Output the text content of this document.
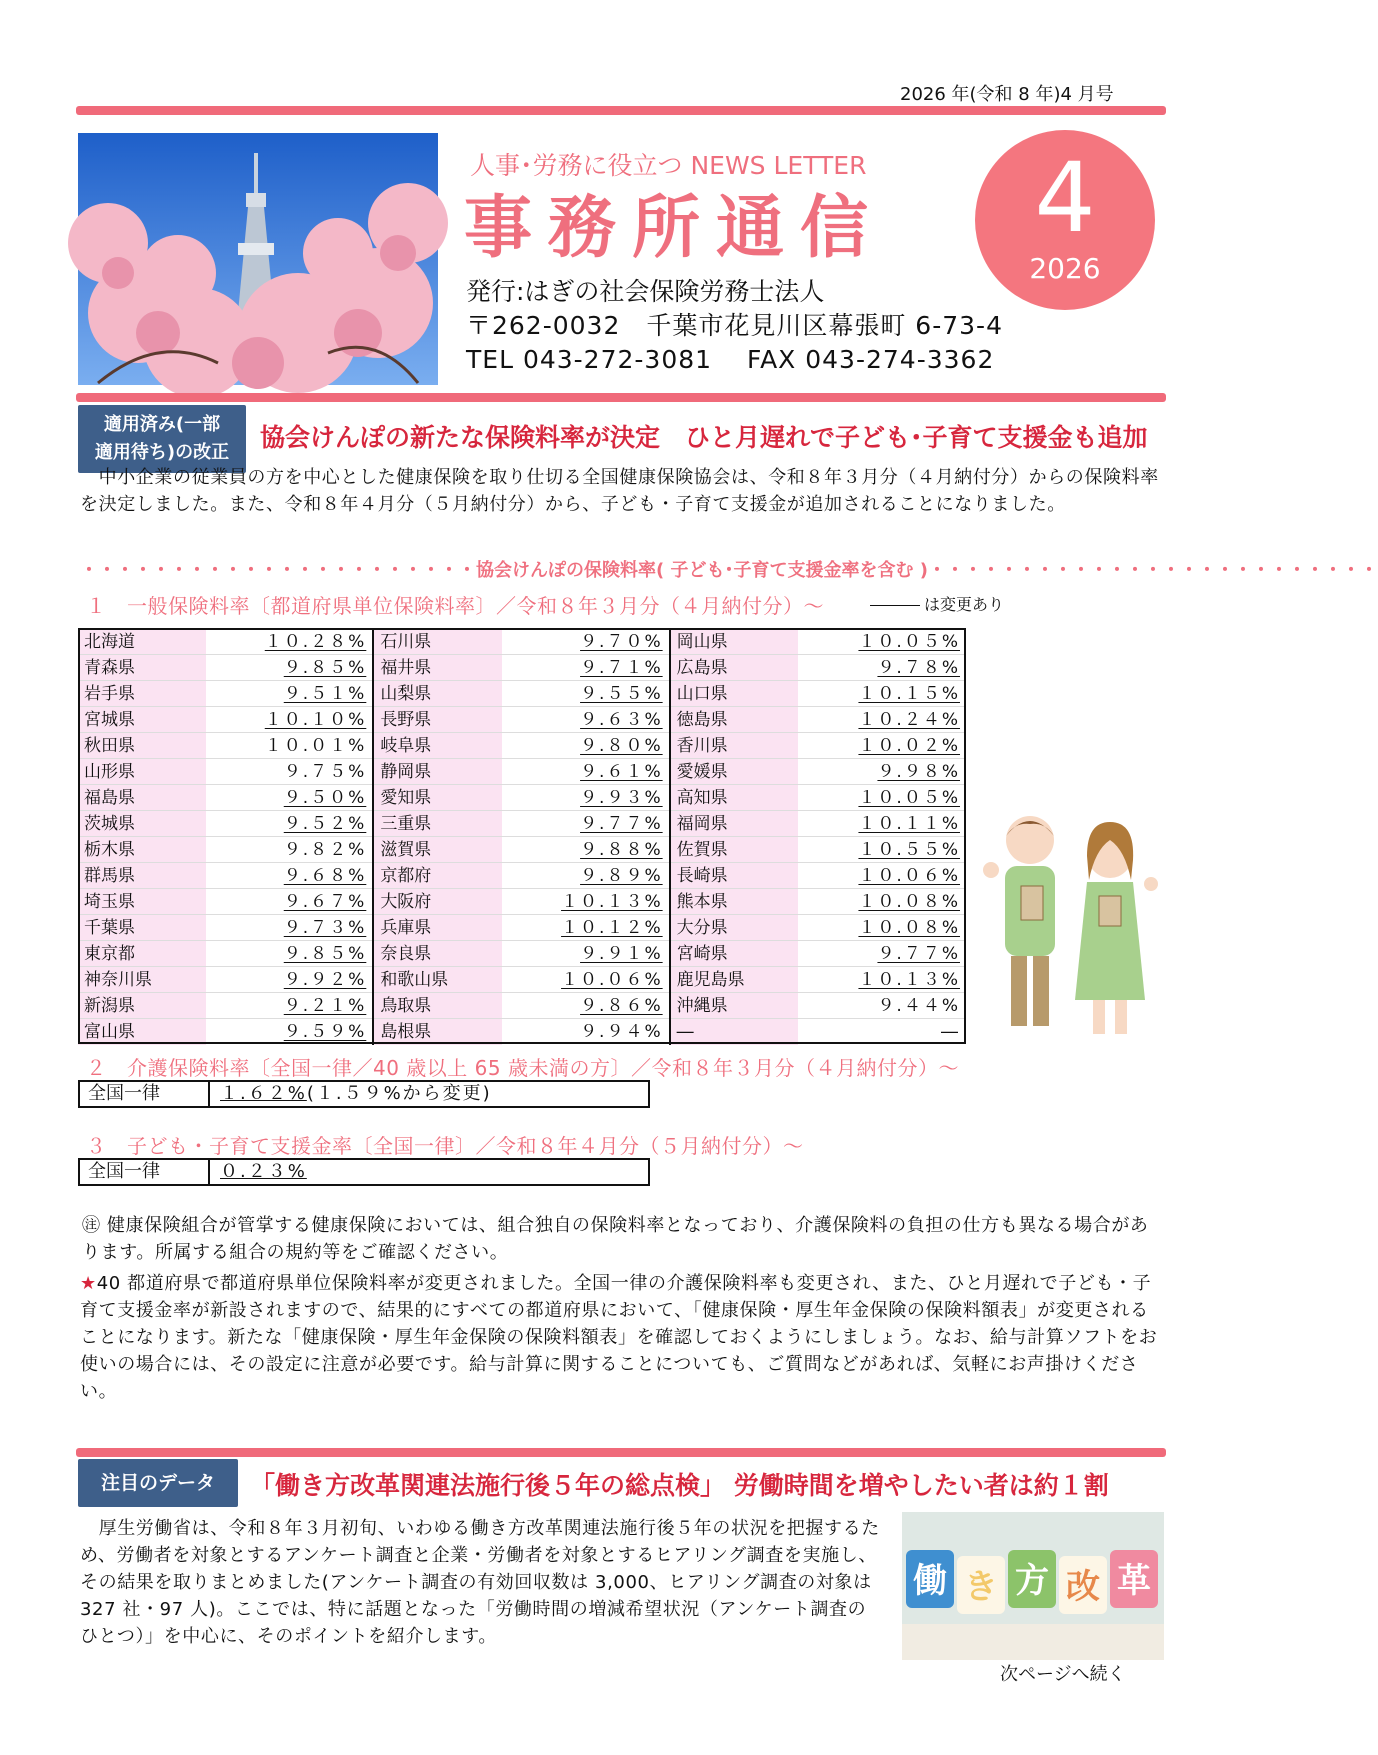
2026 年(令和 8 年)4 月号
人事･労務に役立つ NEWS LETTER
事務所通信
発行:はぎの社会保険労務士法人
〒262-0032　千葉市花見川区幕張町 6-73-4
TEL 043-272-3081　 FAX 043-274-3362
4
2026
適用済み(一部
適用待ち)の改正
協会けんぽの新たな保険料率が決定　ひと月遅れで子ども･子育て支援金も追加
　中小企業の従業員の方を中心とした健康保険を取り仕切る全国健康保険協会は、令和８年３月分（４月納付分）からの保険料率を決定しました。また、令和８年４月分（５月納付分）から、子ども・子育て支援金が追加されることになりました。
・・・・・・・・・・・・・・・・・・・・・・協会けんぽの保険料率( 子ども･子育て支援金率を含む )・・・・・・・・・・・・・・・・・・・・・・・・・
１　一般保険料率〔都道府県単位保険料率〕／令和８年３月分（４月納付分）～	は変更あり
北海道	１０.２８%		石川県	９.７０%		岡山県	１０.０５%
青森県	９.８５%		福井県	９.７１%		広島県	９.７８%
岩手県	９.５１%		山梨県	９.５５%		山口県	１０.１５%
宮城県	１０.１０%		長野県	９.６３%		徳島県	１０.２４%
秋田県	１０.０１%		岐阜県	９.８０%		香川県	１０.０２%
山形県	９.７５%		静岡県	９.６１%		愛媛県	９.９８%
福島県	９.５０%		愛知県	９.９３%		高知県	１０.０５%
茨城県	９.５２%		三重県	９.７７%		福岡県	１０.１１%
栃木県	９.８２%		滋賀県	９.８８%		佐賀県	１０.５５%
群馬県	９.６８%		京都府	９.８９%		長崎県	１０.０６%
埼玉県	９.６７%		大阪府	１０.１３%		熊本県	１０.０８%
千葉県	９.７３%		兵庫県	１０.１２%		大分県	１０.０８%
東京都	９.８５%		奈良県	９.９１%		宮崎県	９.７７%
神奈川県	９.９２%		和歌山県	１０.０６%		鹿児島県	１０.１３%
新潟県	９.２１%		鳥取県	９.８６%		沖縄県	９.４４%
富山県	９.５９%		島根県	９.９４%		―	―
２　介護保険料率〔全国一律／40 歳以上 65 歳未満の方〕／令和８年３月分（４月納付分）～
全国一律	１.６２%(１.５９%から変更)
３　子ども・子育て支援金率〔全国一律〕／令和８年４月分（５月納付分）～
全国一律	０.２３%
㊟ 健康保険組合が管掌する健康保険においては、組合独自の保険料率となっており、介護保険料の負担の仕方も異なる場合があります。所属する組合の規約等をご確認ください。
★40 都道府県で都道府県単位保険料率が変更されました。全国一律の介護保険料率も変更され、また、ひと月遅れで子ども・子育て支援金率が新設されますので、結果的にすべての都道府県において、「健康保険・厚生年金保険の保険料額表」が変更されることになります。新たな「健康保険・厚生年金保険の保険料額表」を確認しておくようにしましょう。なお、給与計算ソフトをお使いの場合には、その設定に注意が必要です。給与計算に関することについても、ご質問などがあれば、気軽にお声掛けください。
注目のデータ	「働き方改革関連法施行後５年の総点検」 労働時間を増やしたい者は約１割
　厚生労働省は、令和８年３月初旬、いわゆる働き方改革関連法施行後５年の状況を把握するため、労働者を対象とするアンケート調査と企業・労働者を対象とするヒアリング調査を実施し、その結果を取りまとめました(アンケート調査の有効回収数は 3,000、ヒアリング調査の対象は 327 社・97 人)。ここでは、特に話題となった「労働時間の増減希望状況（アンケート調査のひとつ）」を中心に、そのポイントを紹介します。
働 き 方 改 革
次ページへ続く
